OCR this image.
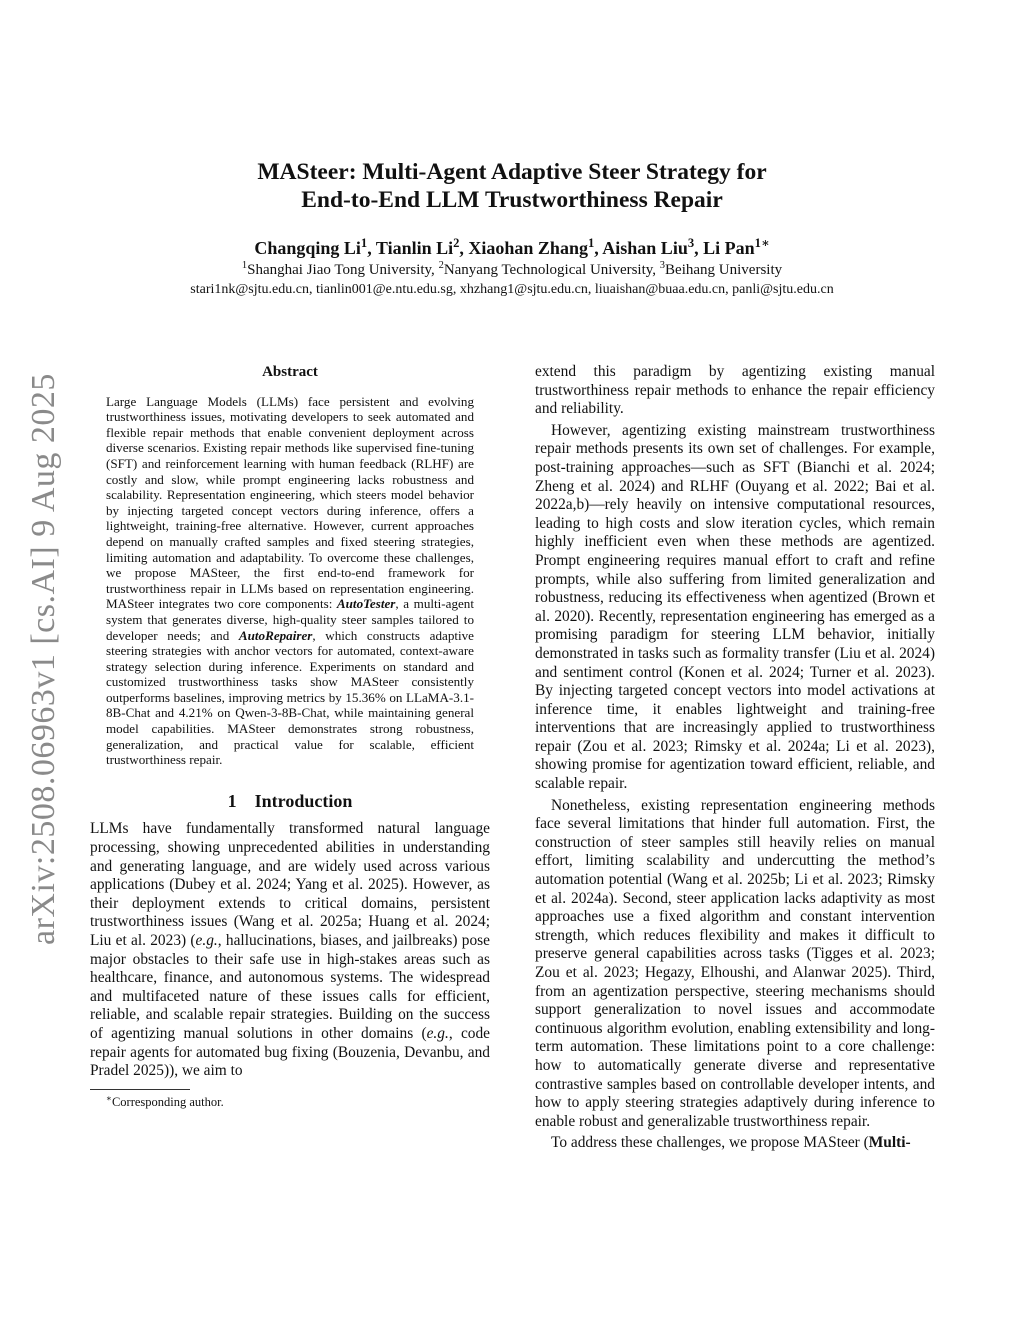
arXiv:2508.06963v1 [cs.AI] 9 Aug 2025
MASteer: Multi-Agent Adaptive Steer Strategy for
End-to-End LLM Trustworthiness Repair
Changqing Li$^1$, Tianlin Li$^2$, Xiaohan Zhang$^1$, Aishan Liu$^3$, Li Pan$^{1∗}$
$^1$Shanghai Jiao Tong University, $^2$Nanyang Technological University, $^3$Beihang University
stari1nk@sjtu.edu.cn, tianlin001@e.ntu.edu.sg, xhzhang1@sjtu.edu.cn, liuaishan@buaa.edu.cn, panli@sjtu.edu.cn
Abstract
Large Language Models (LLMs) face persistent and evolving trustworthiness issues, motivating developers to seek automated and flexible repair methods that enable convenient deployment across diverse scenarios. Existing repair methods like supervised fine-tuning (SFT) and reinforcement learning with human feedback (RLHF) are costly and slow, while prompt engineering lacks robustness and scalability. Representation engineering, which steers model behavior by injecting targeted concept vectors during inference, offers a lightweight, training-free alternative. However, current approaches depend on manually crafted samples and fixed steering strategies, limiting automation and adaptability. To overcome these challenges, we propose MASteer, the first end-to-end framework for trustworthiness repair in LLMs based on representation engineering. MASteer integrates two core components: AutoTester, a multi-agent system that generates diverse, high-quality steer samples tailored to developer needs; and AutoRepairer, which constructs adaptive steering strategies with anchor vectors for automated, context-aware strategy selection during inference. Experiments on standard and customized trustworthiness tasks show MASteer consistently outperforms baselines, improving metrics by 15.36% on LLaMA-3.1-8B-Chat and 4.21% on Qwen-3-8B-Chat, while maintaining general model capabilities. MASteer demonstrates strong robustness, generalization, and practical value for scalable, efficient trustworthiness repair.
1 Introduction

LLMs have fundamentally transformed natural language processing, showing unprecedented abilities in understanding and generating language, and are widely used across various applications (Dubey et al. 2024; Yang et al. 2025). However, as their deployment extends to critical domains, persistent trustworthiness issues (Wang et al. 2025a; Huang et al. 2024; Liu et al. 2023) (e.g., hallucinations, biases, and jailbreaks) pose major obstacles to their safe use in high-stakes areas such as healthcare, finance, and autonomous systems. The widespread and multifaceted nature of these issues calls for efficient, reliable, and scalable repair strategies. Building on the success of agentizing manual solutions in other domains (e.g., code repair agents for automated bug fixing (Bouzenia, Devanbu, and Pradel 2025)), we aim to

∗Corresponding author.

extend this paradigm by agentizing existing manual trustworthiness repair methods to enhance the repair efficiency and reliability.

However, agentizing existing mainstream trustworthiness repair methods presents its own set of challenges. For example, post-training approaches—such as SFT (Bianchi et al. 2024; Zheng et al. 2024) and RLHF (Ouyang et al. 2022; Bai et al. 2022a,b)—rely heavily on intensive computational resources, leading to high costs and slow iteration cycles, which remain highly inefficient even when these methods are agentized. Prompt engineering requires manual effort to craft and refine prompts, while also suffering from limited generalization and robustness, reducing its effectiveness when agentized (Brown et al. 2020). Recently, representation engineering has emerged as a promising paradigm for steering LLM behavior, initially demonstrated in tasks such as formality transfer (Liu et al. 2024) and sentiment control (Konen et al. 2024; Turner et al. 2023). By injecting targeted concept vectors into model activations at inference time, it enables lightweight and training-free interventions that are increasingly applied to trustworthiness repair (Zou et al. 2023; Rimsky et al. 2024a; Li et al. 2023), showing promise for agentization toward efficient, reliable, and scalable repair.

Nonetheless, existing representation engineering methods face several limitations that hinder full automation. First, the construction of steer samples still heavily relies on manual effort, limiting scalability and undercutting the method’s automation potential (Wang et al. 2025b; Li et al. 2023; Rimsky et al. 2024a). Second, steer application lacks adaptivity as most approaches use a fixed algorithm and constant intervention strength, which reduces flexibility and makes it difficult to preserve general capabilities across tasks (Tigges et al. 2023; Zou et al. 2023; Hegazy, Elhoushi, and Alanwar 2025). Third, from an agentization perspective, steering mechanisms should support generalization to novel issues and accommodate continuous algorithm evolution, enabling extensibility and long-term automation. These limitations point to a core challenge: how to automatically generate diverse and representative contrastive samples based on controllable developer intents, and how to apply steering strategies adaptively during inference to enable robust and generalizable trustworthiness repair.

To address these challenges, we propose MASteer (Multi-
